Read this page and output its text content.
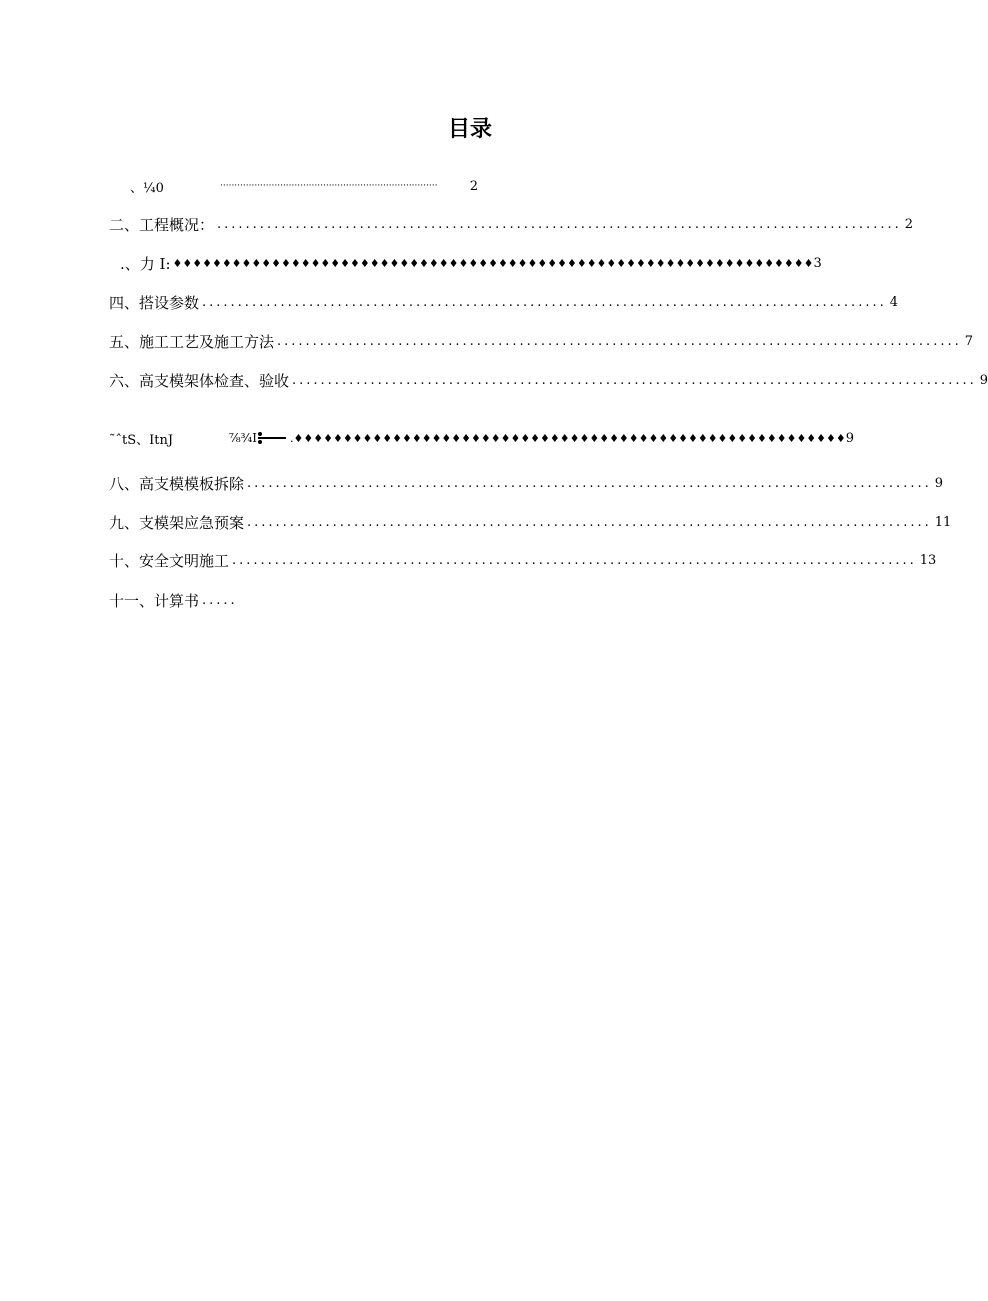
目录
、¼0	············································································	2
二、工程概况： ................................................................................................ 2
.、力 I: ♦♦♦♦♦♦♦♦♦♦♦♦♦♦♦♦♦♦♦♦♦♦♦♦♦♦♦♦♦♦♦♦♦♦♦♦♦♦♦♦♦♦♦♦♦♦♦♦♦♦♦♦♦♦♦♦♦♦♦♦♦♦♦♦♦ 3
四、搭设参数 ................................................................................................ 4
五、施工工艺及施工方法 ................................................................................................ 7
六、高支模架体检查、验收 ................................................................................................ 9
˜ˆtS、ItnJ	⅞¾I	.♦♦♦♦♦♦♦♦♦♦♦♦♦♦♦♦♦♦♦♦♦♦♦♦♦♦♦♦♦♦♦♦♦♦♦♦♦♦♦♦♦♦♦♦♦♦♦♦♦♦♦♦♦♦♦♦ 9
八、高支模模板拆除 ................................................................................................ 9
九、支模架应急预案 ................................................................................................ 11
十、安全文明施工 ................................................................................................ 13
十一、计算书 .....
